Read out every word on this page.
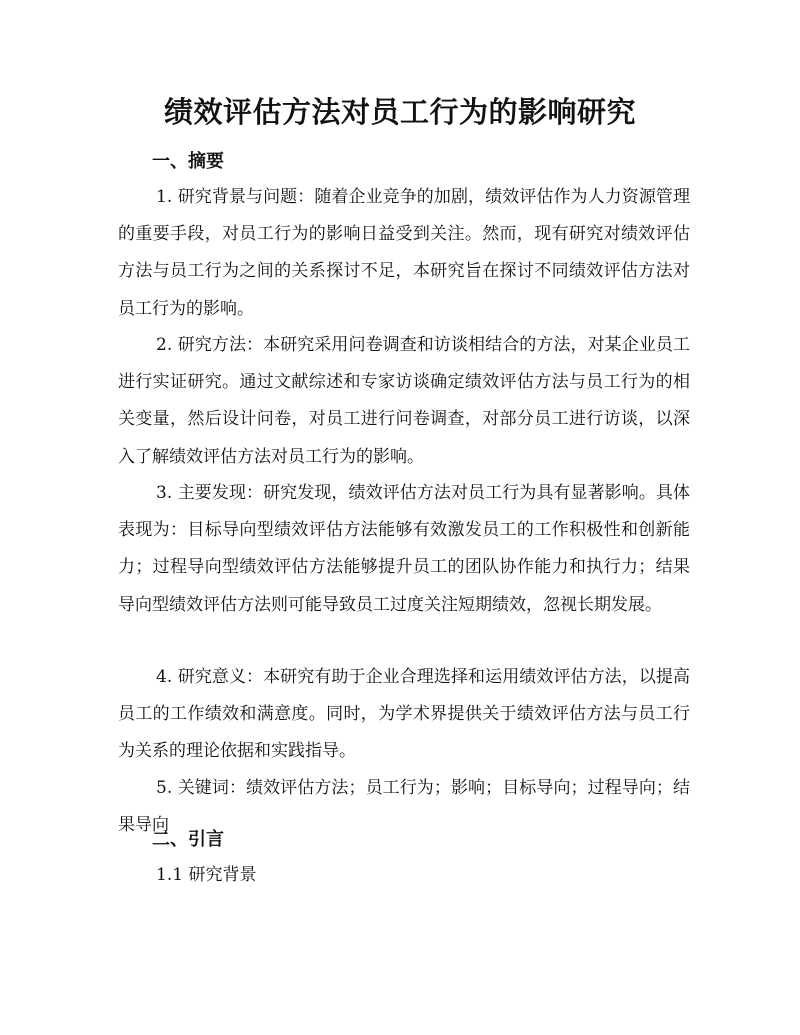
绩效评估方法对员工行为的影响研究
一、摘要

1. 研究背景与问题：随着企业竞争的加剧，绩效评估作为人力资源管理的重要手段，对员工行为的影响日益受到关注。然而，现有研究对绩效评估方法与员工行为之间的关系探讨不足，本研究旨在探讨不同绩效评估方法对员工行为的影响。

2. 研究方法：本研究采用问卷调查和访谈相结合的方法，对某企业员工进行实证研究。通过文献综述和专家访谈确定绩效评估方法与员工行为的相关变量，然后设计问卷，对员工进行问卷调查，对部分员工进行访谈，以深入了解绩效评估方法对员工行为的影响。

3. 主要发现：研究发现，绩效评估方法对员工行为具有显著影响。具体表现为：目标导向型绩效评估方法能够有效激发员工的工作积极性和创新能力；过程导向型绩效评估方法能够提升员工的团队协作能力和执行力；结果导向型绩效评估方法则可能导致员工过度关注短期绩效，忽视长期发展。

4. 研究意义：本研究有助于企业合理选择和运用绩效评估方法，以提高员工的工作绩效和满意度。同时，为学术界提供关于绩效评估方法与员工行为关系的理论依据和实践指导。

5. 关键词：绩效评估方法；员工行为；影响；目标导向；过程导向；结果导向

二、引言
1.1 研究背景
